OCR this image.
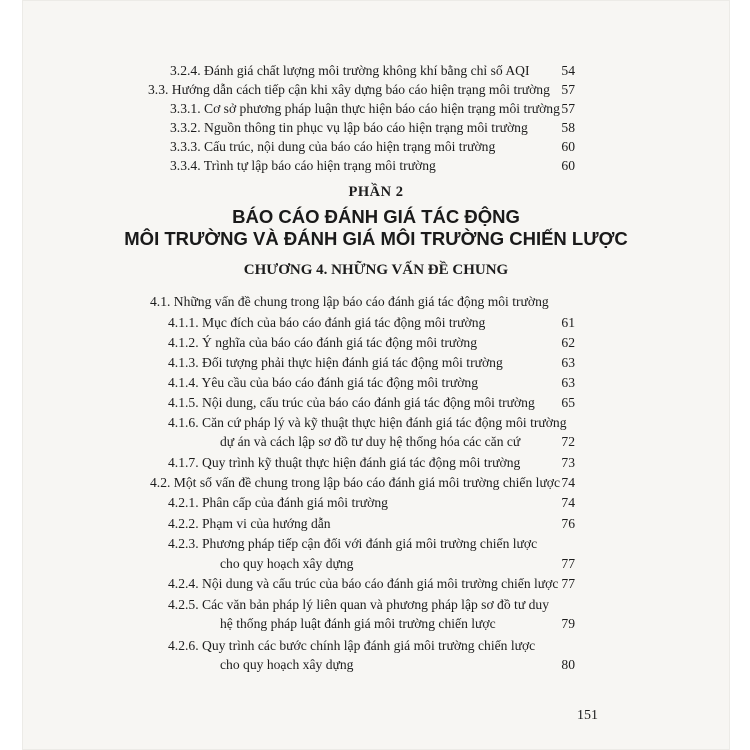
3.2.4. Đánh giá chất lượng môi trường không khí bằng chỉ số AQI	54
3.3. Hướng dẫn cách tiếp cận khi xây dựng báo cáo hiện trạng môi trường 57
3.3.1. Cơ sở phương pháp luận thực hiện báo cáo hiện trạng môi trường 57
3.3.2. Nguồn thông tin phục vụ lập báo cáo hiện trạng môi trường	58
3.3.3. Cấu trúc, nội dung của báo cáo hiện trạng môi trường	60
3.3.4. Trình tự lập báo cáo hiện trạng môi trường	60
PHẦN 2
BÁO CÁO ĐÁNH GIÁ TÁC ĐỘNG
MÔI TRƯỜNG VÀ ĐÁNH GIÁ MÔI TRƯỜNG CHIẾN LƯỢC
CHƯƠNG 4. NHỮNG VẤN ĐỀ CHUNG
4.1. Những vấn đề chung trong lập báo cáo đánh giá tác động môi trường
4.1.1. Mục đích của báo cáo đánh giá tác động môi trường	61
4.1.2. Ý nghĩa của báo cáo đánh giá tác động môi trường	62
4.1.3. Đối tượng phải thực hiện đánh giá tác động môi trường	63
4.1.4. Yêu cầu của báo cáo đánh giá tác động môi trường	63
4.1.5. Nội dung, cấu trúc của báo cáo đánh giá tác động môi trường	65
4.1.6. Căn cứ pháp lý và kỹ thuật thực hiện đánh giá tác động môi trường
dự án và cách lập sơ đồ tư duy hệ thống hóa các căn cứ	72
4.1.7. Quy trình kỹ thuật thực hiện đánh giá tác động môi trường	73
4.2. Một số vấn đề chung trong lập báo cáo đánh giá môi trường chiến lược 74
4.2.1. Phân cấp của đánh giá môi trường	74
4.2.2. Phạm vi của hướng dẫn	76
4.2.3. Phương pháp tiếp cận đối với đánh giá môi trường chiến lược
cho quy hoạch xây dựng	77
4.2.4. Nội dung và cấu trúc của báo cáo đánh giá môi trường chiến lược 77
4.2.5. Các văn bản pháp lý liên quan và phương pháp lập sơ đồ tư duy
hệ thống pháp luật đánh giá môi trường chiến lược	79
4.2.6. Quy trình các bước chính lập đánh giá môi trường chiến lược
cho quy hoạch xây dựng	80
151
